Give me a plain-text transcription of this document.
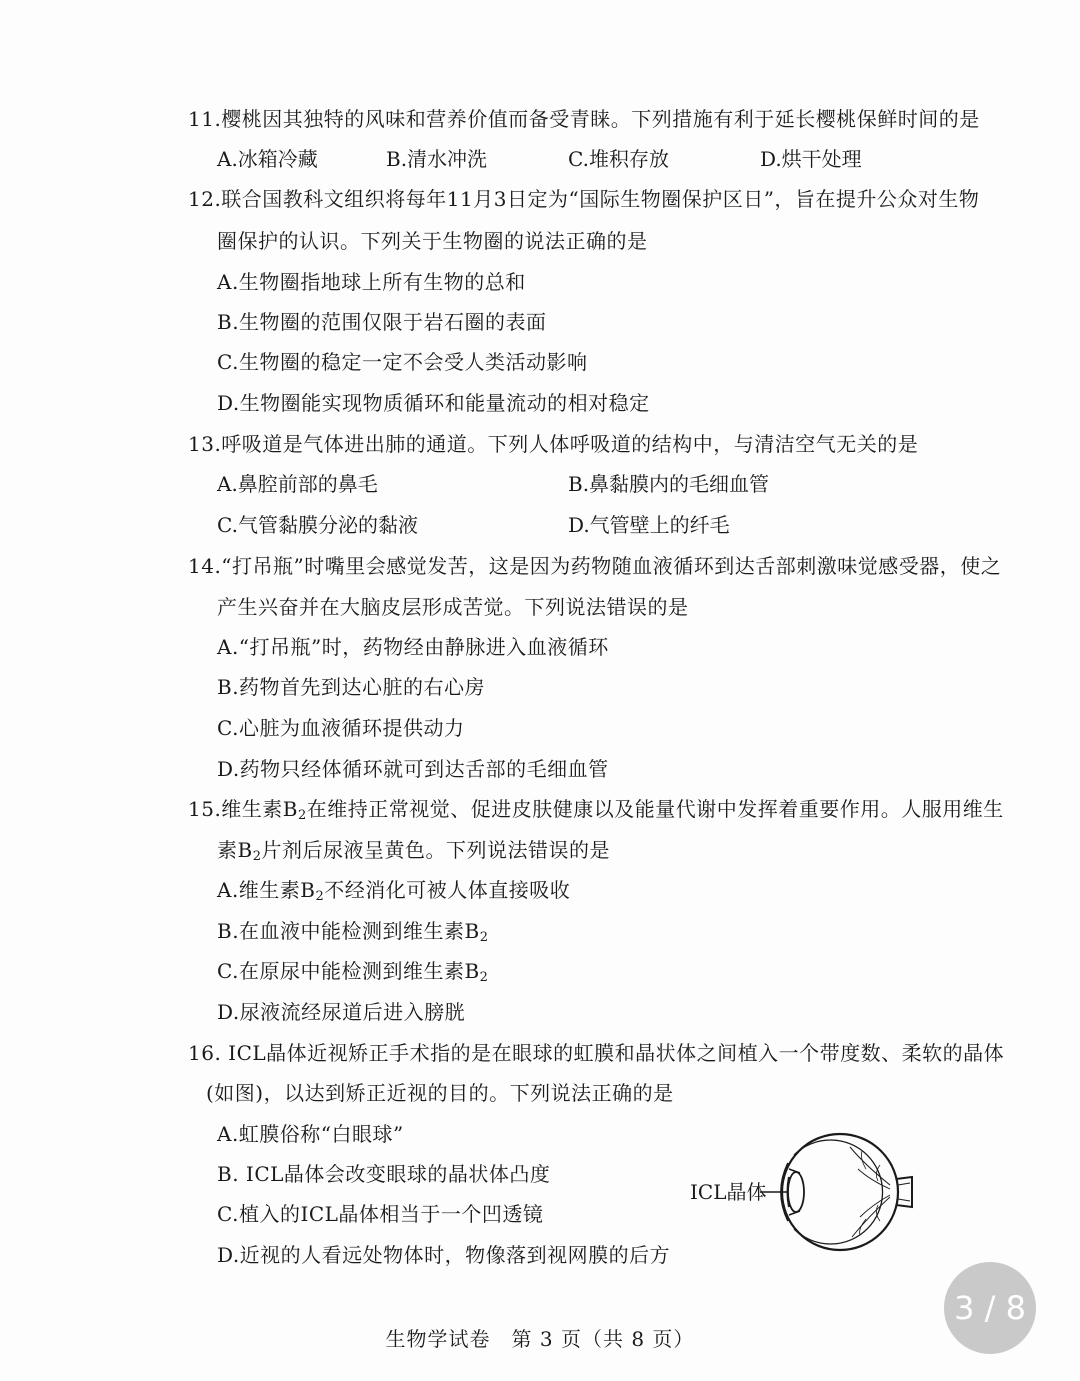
11.樱桃因其独特的风味和营养价值而备受青睐。下列措施有利于延长樱桃保鲜时间的是
A.冰箱冷藏	B.清水冲洗	C.堆积存放	D.烘干处理
12.联合国教科文组织将每年11月3日定为“国际生物圈保护区日”，旨在提升公众对生物
圈保护的认识。下列关于生物圈的说法正确的是
A.生物圈指地球上所有生物的总和
B.生物圈的范围仅限于岩石圈的表面
C.生物圈的稳定一定不会受人类活动影响
D.生物圈能实现物质循环和能量流动的相对稳定
13.呼吸道是气体进出肺的通道。下列人体呼吸道的结构中，与清洁空气无关的是
A.鼻腔前部的鼻毛	B.鼻黏膜内的毛细血管
C.气管黏膜分泌的黏液	D.气管壁上的纤毛
14.“打吊瓶”时嘴里会感觉发苦，这是因为药物随血液循环到达舌部刺激味觉感受器，使之
产生兴奋并在大脑皮层形成苦觉。下列说法错误的是
A.“打吊瓶”时，药物经由静脉进入血液循环
B.药物首先到达心脏的右心房
C.心脏为血液循环提供动力
D.药物只经体循环就可到达舌部的毛细血管
15.维生素$B_2$在维持正常视觉、促进皮肤健康以及能量代谢中发挥着重要作用。人服用维生
素$B_2$片剂后尿液呈黄色。下列说法错误的是
A.维生素$B_2$不经消化可被人体直接吸收
B.在血液中能检测到维生素$B_2$
C.在原尿中能检测到维生素$B_2$
D.尿液流经尿道后进入膀胱
16. ICL晶体近视矫正手术指的是在眼球的虹膜和晶状体之间植入一个带度数、柔软的晶体
(如图)，以达到矫正近视的目的。下列说法正确的是
A.虹膜俗称“白眼球”
B. ICL晶体会改变眼球的晶状体凸度
C.植入的ICL晶体相当于一个凹透镜
D.近视的人看远处物体时，物像落到视网膜的后方
ICL晶体
3 / 8
生物学试卷　第 3 页（共 8 页）
